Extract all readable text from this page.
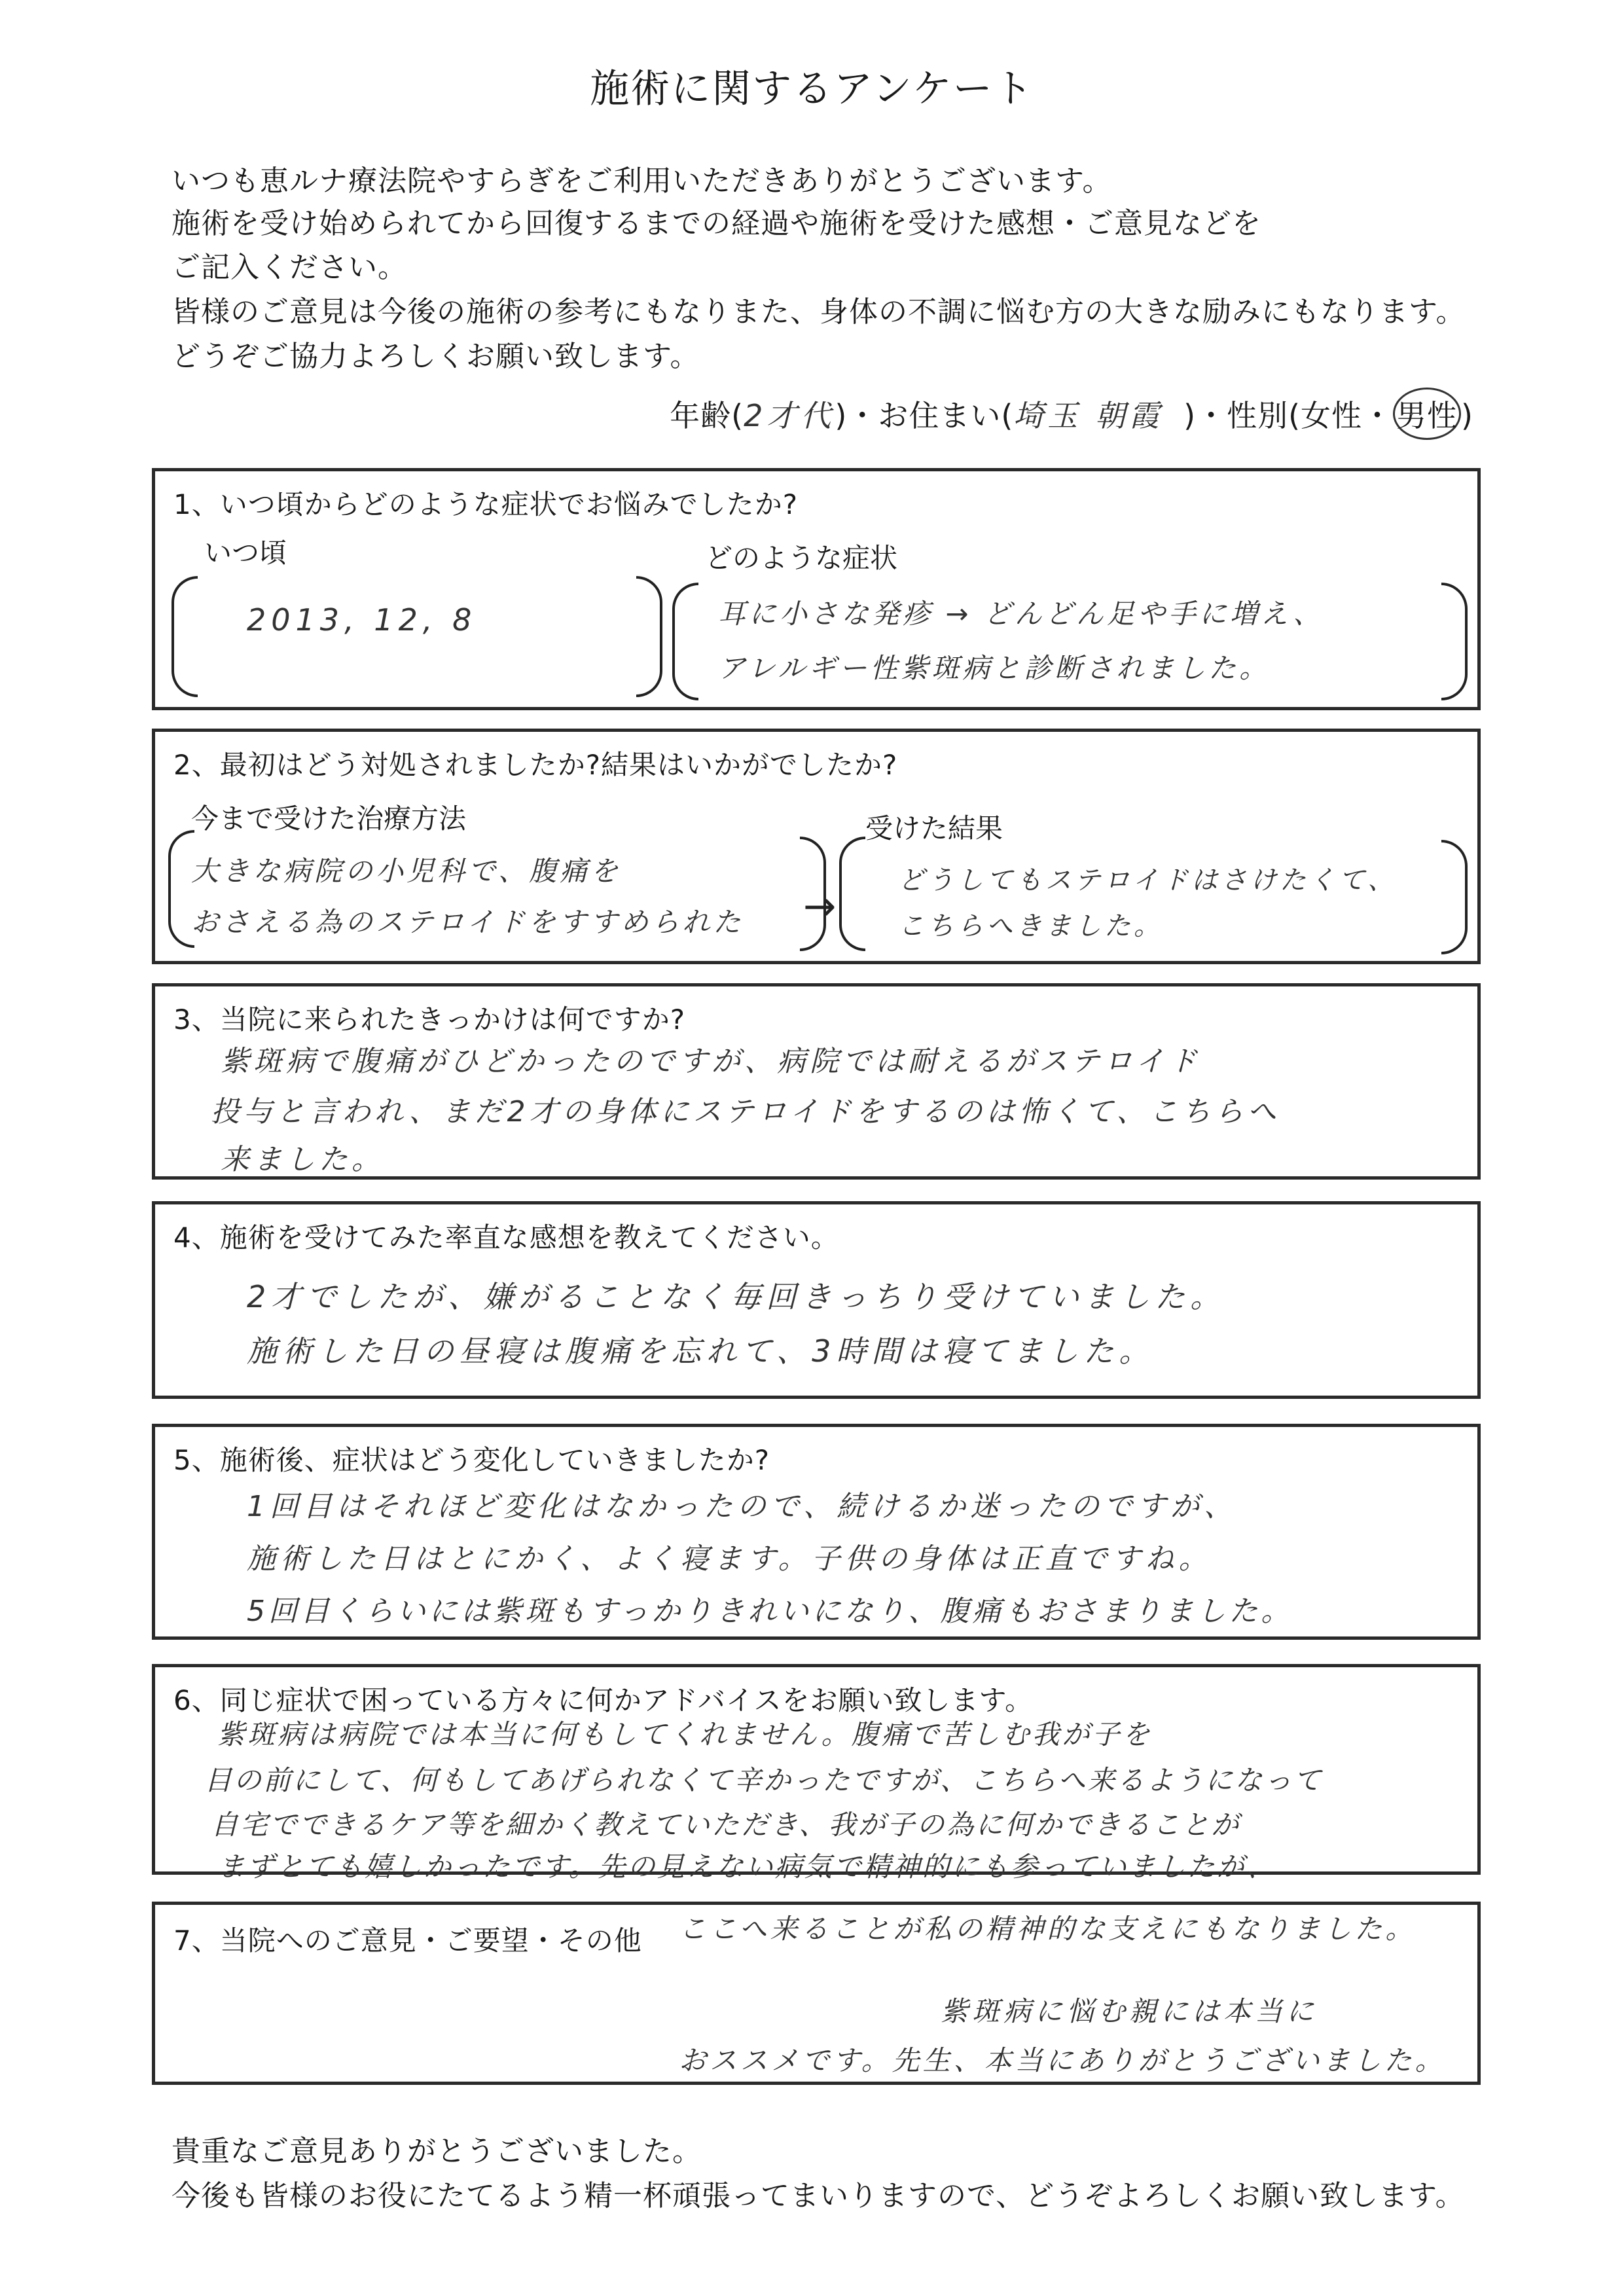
施術に関するアンケート
いつも恵ルナ療法院やすらぎをご利用いただきありがとうございます。
施術を受け始められてから回復するまでの経過や施術を受けた感想・ご意見などを
ご記入ください。
皆様のご意見は今後の施術の参考にもなりまた、身体の不調に悩む方の大きな励みにもなります。
どうぞご協力よろしくお願い致します。
年齢(2才代)・お住まい(埼玉 朝霞 )・性別(女性・ 男性 )
1、いつ頃からどのような症状でお悩みでしたか?
いつ頃
2013, 12, 8
どのような症状
耳に小さな発疹 → どんどん足や手に増え、
アレルギー性紫斑病と診断されました。
2、最初はどう対処されましたか?結果はいかがでしたか?
今まで受けた治療方法
大きな病院の小児科で、腹痛を
おさえる為のステロイドをすすめられた →
受けた結果
どうしてもステロイドはさけたくて、
こちらへきました。
3、当院に来られたきっかけは何ですか?
紫斑病で腹痛がひどかったのですが、病院では耐えるがステロイド
投与と言われ、まだ2才の身体にステロイドをするのは怖くて、こちらへ
来ました。
4、施術を受けてみた率直な感想を教えてください。
2才でしたが、嫌がることなく毎回きっちり受けていました。
施術した日の昼寝は腹痛を忘れて、3時間は寝てました。
5、施術後、症状はどう変化していきましたか?
1回目はそれほど変化はなかったので、続けるか迷ったのですが、
施術した日はとにかく、よく寝ます。子供の身体は正直ですね。
5回目くらいには紫斑もすっかりきれいになり、腹痛もおさまりました。
6、同じ症状で困っている方々に何かアドバイスをお願い致します。
紫斑病は病院では本当に何もしてくれません。腹痛で苦しむ我が子を
目の前にして、何もしてあげられなくて辛かったですが、こちらへ来るようになって
自宅でできるケア等を細かく教えていただき、我が子の為に何かできることが
まずとても嬉しかったです。先の見えない病気で精神的にも参っていましたが、
7、当院へのご意見・ご要望・その他 ここへ来ることが私の精神的な支えにもなりました。
紫斑病に悩む親には本当に
おススメです。先生、本当にありがとうございました。
貴重なご意見ありがとうございました。
今後も皆様のお役にたてるよう精一杯頑張ってまいりますので、どうぞよろしくお願い致します。
